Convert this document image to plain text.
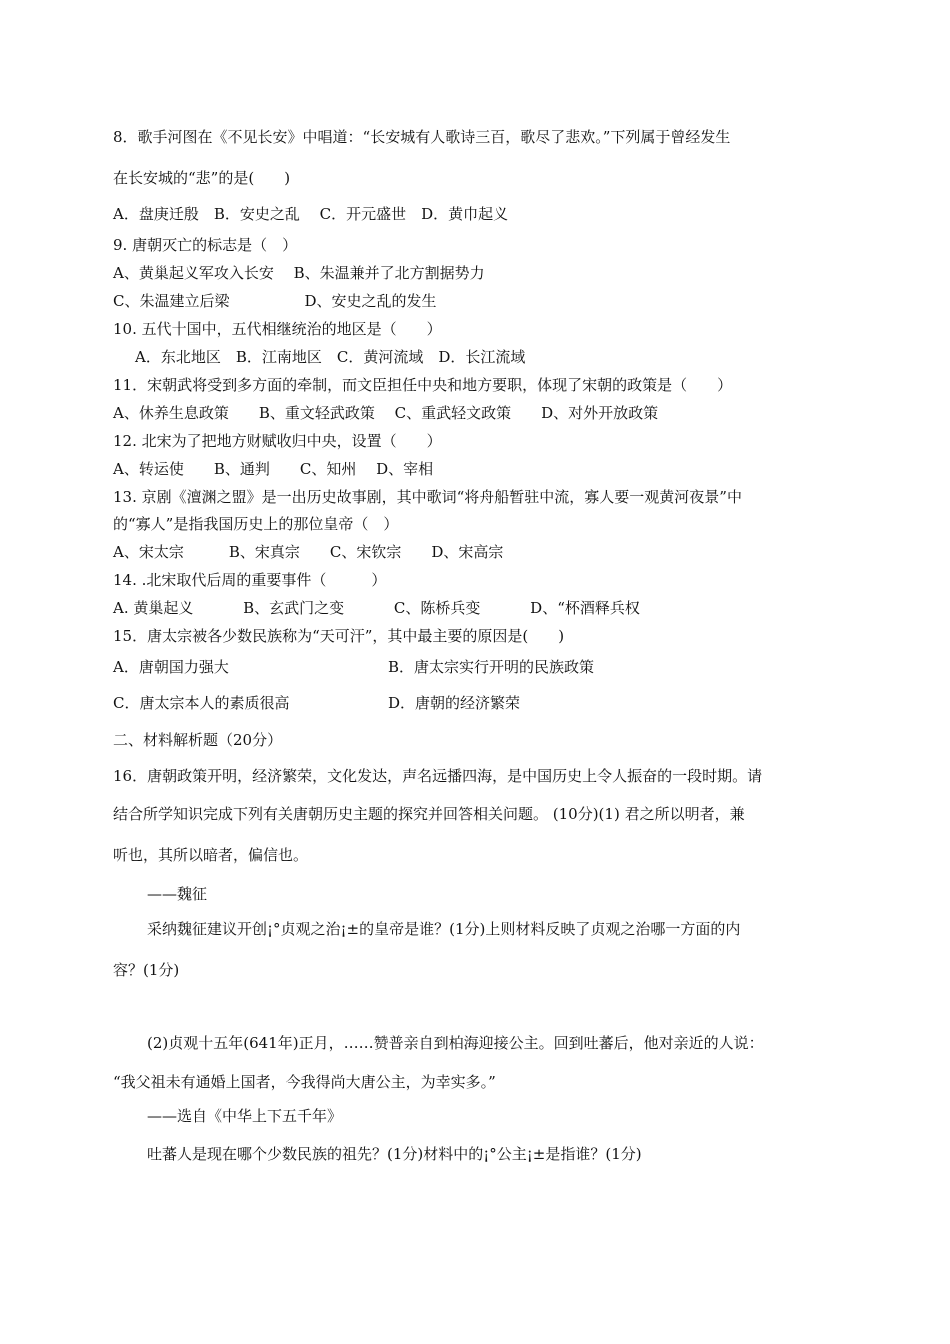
8．歌手河图在《不见长安》中唱道：“长安城有人歌诗三百，歌尽了悲欢。”下列属于曾经发生
在长安城的“悲”的是(　　)
A．盘庚迁殷　B．安史之乱　 C．开元盛世　D．黄巾起义
9. 唐朝灭亡的标志是（　）
A、黄巢起义军攻入长安　 B、朱温兼并了北方割据势力
C、朱温建立后梁　　　　　D、安史之乱的发生
10. 五代十国中，五代相继统治的地区是（　　）
A．东北地区　B．江南地区　C．黄河流域　D．长江流域
11．宋朝武将受到多方面的牵制，而文臣担任中央和地方要职，体现了宋朝的政策是（　　）
A、休养生息政策　　B、重文轻武政策　 C、重武轻文政策　　D、对外开放政策
12. 北宋为了把地方财赋收归中央，设置（　　）
A、转运使　　B、通判　　C、知州　 D、宰相
13. 京剧《澶渊之盟》是一出历史故事剧，其中歌词“将舟船暂驻中流，寡人要一观黄河夜景”中
的“寡人”是指我国历史上的那位皇帝（　）
A、宋太宗　　　B、宋真宗　　C、宋钦宗　　D、宋高宗
14. .北宋取代后周的重要事件（　　　）
A. 黄巢起义　　　 B、玄武门之变　　　 C、陈桥兵变　　　 D、“杯酒释兵权
15．唐太宗被各少数民族称为“天可汗”，其中最主要的原因是(　　)
A．唐朝国力强大	B．唐太宗实行开明的民族政策
C．唐太宗本人的素质很高	D．唐朝的经济繁荣
二、材料解析题（20分）
16．唐朝政策开明，经济繁荣，文化发达，声名远播四海，是中国历史上令人振奋的一段时期。请
结合所学知识完成下列有关唐朝历史主题的探究并回答相关问题。 (10分)(1) 君之所以明者，兼
听也，其所以暗者，偏信也。
——魏征
采纳魏征建议开创¡°贞观之治¡±的皇帝是谁？(1分)上则材料反映了贞观之治哪一方面的内
容？(1分)
(2)贞观十五年(641年)正月，……赞普亲自到柏海迎接公主。回到吐蕃后，他对亲近的人说：
“我父祖未有通婚上国者，今我得尚大唐公主，为幸实多。”
——选自《中华上下五千年》
吐蕃人是现在哪个少数民族的祖先？(1分)材料中的¡°公主¡±是指谁？(1分)
